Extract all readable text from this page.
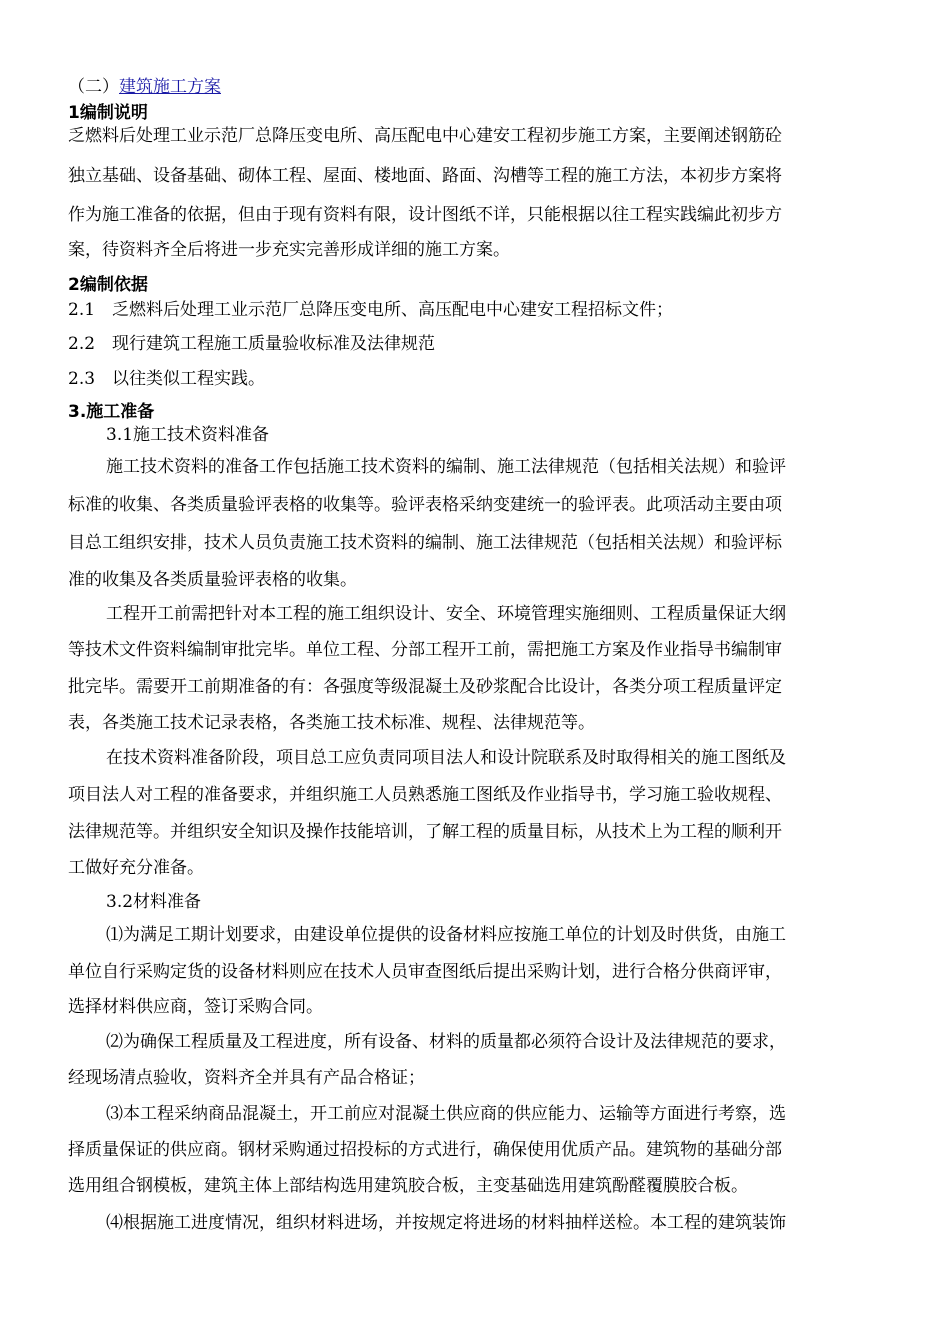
（二）建筑施工方案
1编制说明
乏燃料后处理工业示范厂总降压变电所、高压配电中心建安工程初步施工方案，主要阐述钢筋砼
独立基础、设备基础、砌体工程、屋面、楼地面、路面、沟槽等工程的施工方法，本初步方案将
作为施工准备的依据，但由于现有资料有限，设计图纸不详，只能根据以往工程实践编此初步方
案，待资料齐全后将进一步充实完善形成详细的施工方案。
2编制依据
2.1　乏燃料后处理工业示范厂总降压变电所、高压配电中心建安工程招标文件；
2.2　现行建筑工程施工质量验收标准及法律规范
2.3　以往类似工程实践。
3.施工准备
3.1施工技术资料准备
施工技术资料的准备工作包括施工技术资料的编制、施工法律规范（包括相关法规）和验评
标准的收集、各类质量验评表格的收集等。验评表格采纳变建统一的验评表。此项活动主要由项
目总工组织安排，技术人员负责施工技术资料的编制、施工法律规范（包括相关法规）和验评标
准的收集及各类质量验评表格的收集。
工程开工前需把针对本工程的施工组织设计、安全、环境管理实施细则、工程质量保证大纲
等技术文件资料编制审批完毕。单位工程、分部工程开工前，需把施工方案及作业指导书编制审
批完毕。需要开工前期准备的有：各强度等级混凝土及砂浆配合比设计，各类分项工程质量评定
表，各类施工技术记录表格，各类施工技术标准、规程、法律规范等。
在技术资料准备阶段，项目总工应负责同项目法人和设计院联系及时取得相关的施工图纸及
项目法人对工程的准备要求，并组织施工人员熟悉施工图纸及作业指导书，学习施工验收规程、
法律规范等。并组织安全知识及操作技能培训，了解工程的质量目标，从技术上为工程的顺利开
工做好充分准备。
3.2材料准备
⑴为满足工期计划要求，由建设单位提供的设备材料应按施工单位的计划及时供货，由施工
单位自行采购定货的设备材料则应在技术人员审查图纸后提出采购计划，进行合格分供商评审，
选择材料供应商，签订采购合同。
⑵为确保工程质量及工程进度，所有设备、材料的质量都必须符合设计及法律规范的要求，
经现场清点验收，资料齐全并具有产品合格证；
⑶本工程采纳商品混凝土，开工前应对混凝土供应商的供应能力、运输等方面进行考察，选
择质量保证的供应商。钢材采购通过招投标的方式进行，确保使用优质产品。建筑物的基础分部
选用组合钢模板，建筑主体上部结构选用建筑胶合板，主变基础选用建筑酚醛覆膜胶合板。
⑷根据施工进度情况，组织材料进场，并按规定将进场的材料抽样送检。本工程的建筑装饰
